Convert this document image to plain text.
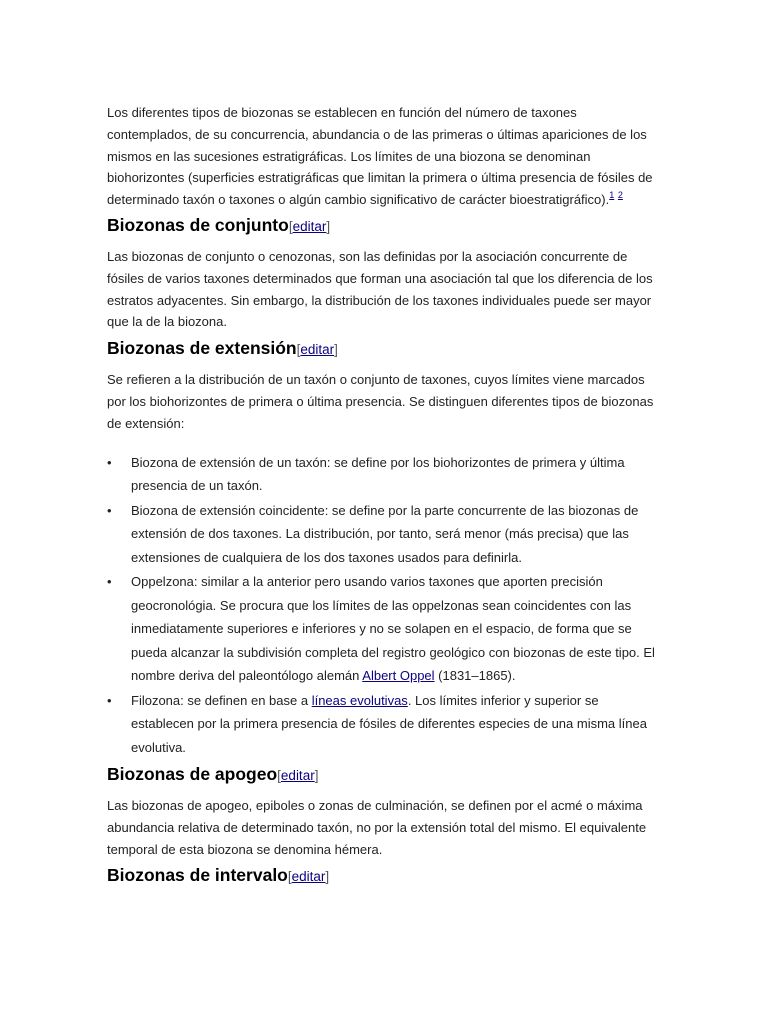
Los diferentes tipos de biozonas se establecen en función del número de taxones contemplados, de su concurrencia, abundancia o de las primeras o últimas apariciones de los mismos en las sucesiones estratigráficas. Los límites de una biozona se denominan biohorizontes (superficies estratigráficas que limitan la primera o última presencia de fósiles de determinado taxón o taxones o algún cambio significativo de carácter bioestratigráfico).$^1$ $^2$

Biozonas de conjunto[editar]

Las biozonas de conjunto o cenozonas, son las definidas por la asociación concurrente de fósiles de varios taxones determinados que forman una asociación tal que los diferencia de los estratos adyacentes. Sin embargo, la distribución de los taxones individuales puede ser mayor que la de la biozona.

Biozonas de extensión[editar]

Se refieren a la distribución de un taxón o conjunto de taxones, cuyos límites viene marcados por los biohorizontes de primera o última presencia. Se distinguen diferentes tipos de biozonas de extensión:

• Biozona de extensión de un taxón: se define por los biohorizontes de primera y última presencia de un taxón.
• Biozona de extensión coincidente: se define por la parte concurrente de las biozonas de extensión de dos taxones. La distribución, por tanto, será menor (más precisa) que las extensiones de cualquiera de los dos taxones usados para definirla.
• Oppelzona: similar a la anterior pero usando varios taxones que aporten precisión geocronológia. Se procura que los límites de las oppelzonas sean coincidentes con las inmediatamente superiores e inferiores y no se solapen en el espacio, de forma que se pueda alcanzar la subdivisión completa del registro geológico con biozonas de este tipo. El nombre deriva del paleontólogo alemán Albert Oppel (1831–1865).
• Filozona: se definen en base a líneas evolutivas. Los límites inferior y superior se establecen por la primera presencia de fósiles de diferentes especies de una misma línea evolutiva.
Biozonas de apogeo[editar]

Las biozonas de apogeo, epiboles o zonas de culminación, se definen por el acmé o máxima abundancia relativa de determinado taxón, no por la extensión total del mismo. El equivalente temporal de esta biozona se denomina hémera.

Biozonas de intervalo[editar]
